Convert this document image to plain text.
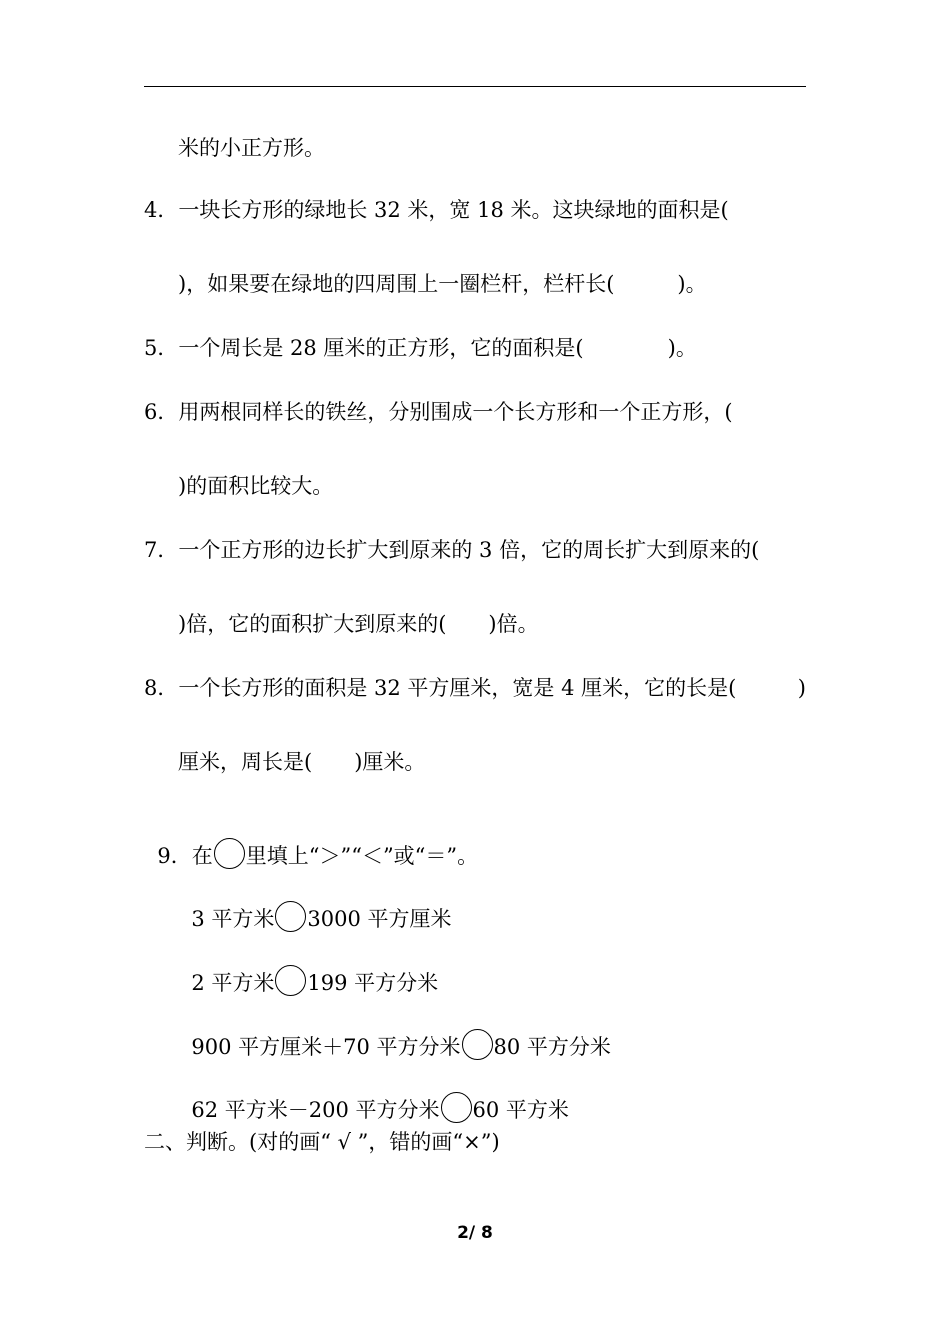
米的小正方形。
4．一块长方形的绿地长 32 米，宽 18 米。这块绿地的面积是(
)，如果要在绿地的四周围上一圈栏杆，栏杆长(　　　)。
5．一个周长是 28 厘米的正方形，它的面积是(　　　　)。
6．用两根同样长的铁丝，分别围成一个长方形和一个正方形，(
)的面积比较大。
7．一个正方形的边长扩大到原来的 3 倍，它的周长扩大到原来的(
)倍，它的面积扩大到原来的(　　)倍。
8．一个长方形的面积是 32 平方厘米，宽是 4 厘米，它的长是(	)
厘米，周长是(　　)厘米。

9．在 里填上“＞”“＜”或“＝”。

3 平方米 3000 平方厘米

2 平方米 199 平方分米

900 平方厘米＋70 平方分米 80 平方分米

62 平方米－200 平方分米 60 平方米

二、判断。(对的画“ √ ”，错的画“×”)
2/ 8
